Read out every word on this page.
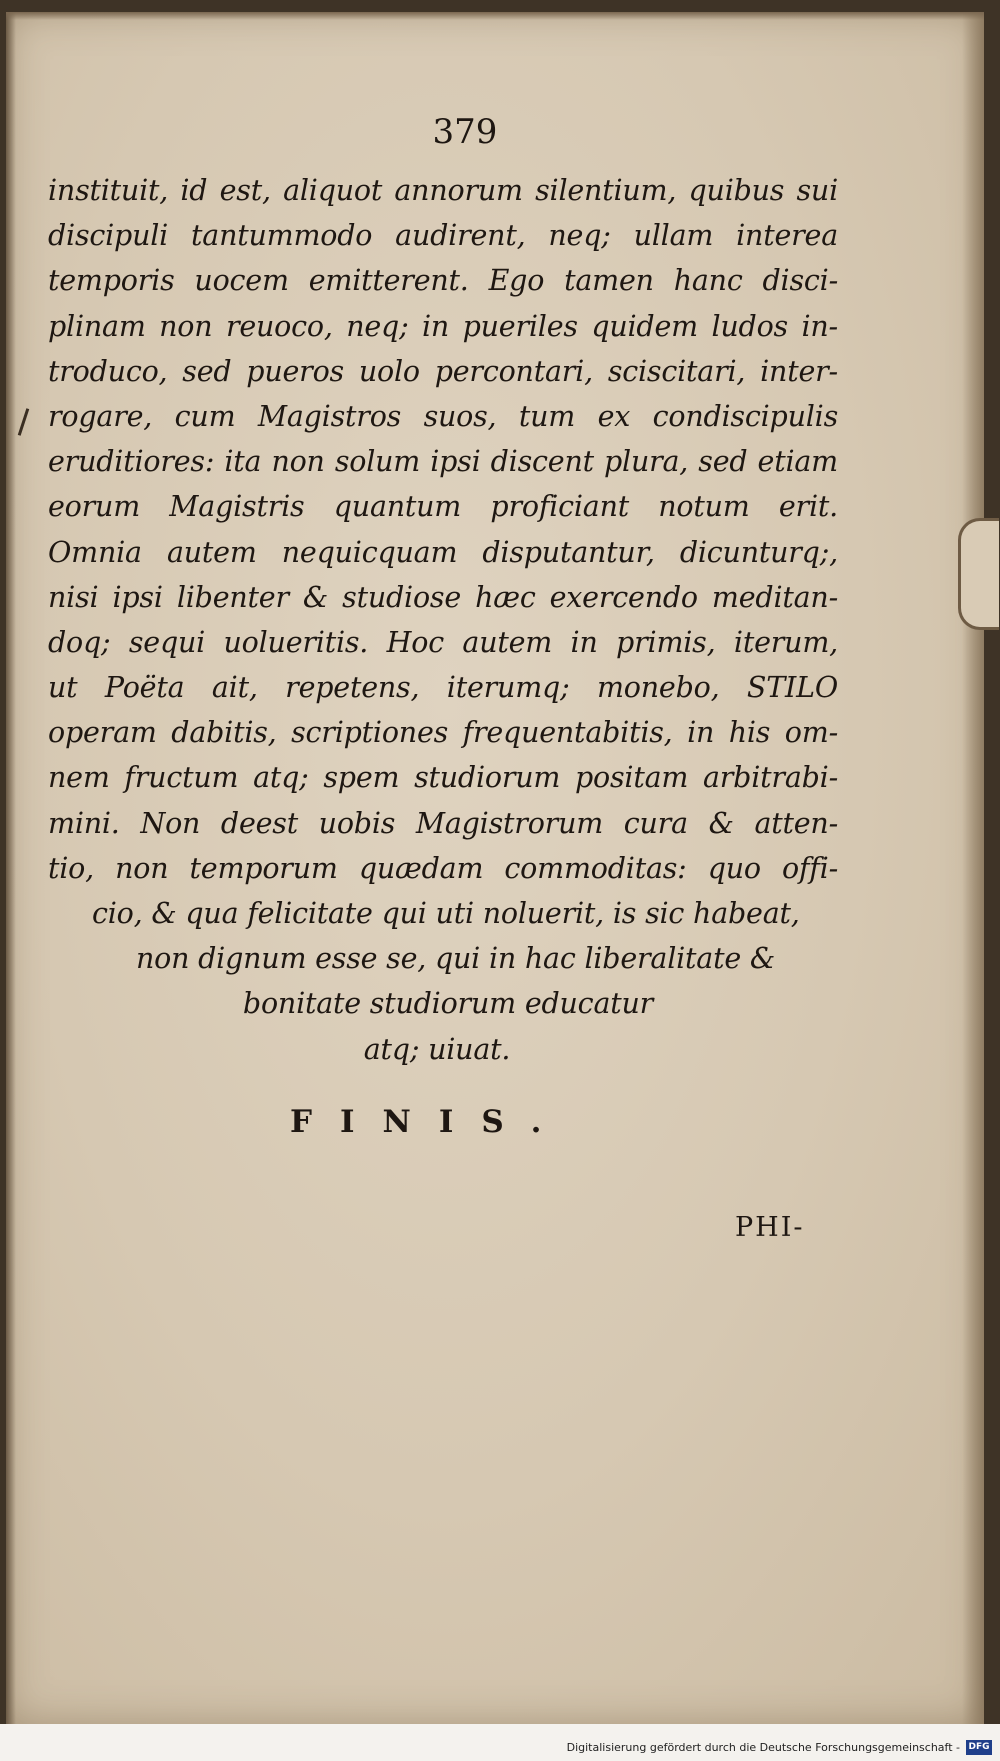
379
instituit, id est, aliquot annorum silentium, quibus sui
discipuli tantummodo audirent, neq; ullam interea
temporis uocem emitterent. Ego tamen hanc disci-
plinam non reuoco, neq; in pueriles quidem ludos in-
troduco, sed pueros uolo percontari, sciscitari, inter-
rogare, cum Magistros suos, tum ex condiscipulis
eruditiores: ita non solum ipsi discent plura, sed etiam
eorum Magistris quantum proficiant notum erit.
Omnia autem nequicquam disputantur, dicunturq;,
nisi ipsi libenter & studiose hæc exercendo meditan-
doq; sequi uolueritis. Hoc autem in primis, iterum,
ut Poëta ait, repetens, iterumq; monebo, STILO
operam dabitis, scriptiones frequentabitis, in his om-
nem fructum atq; spem studiorum positam arbitrabi-
mini. Non deest uobis Magistrorum cura & atten-
tio, non temporum quædam commoditas: quo offi-
cio, & qua felicitate qui uti noluerit, is sic habeat,
non dignum esse se, qui in hac liberalitate &
bonitate studiorum educatur
atq; uiuat.
FINIS.
PHI-
Digitalisierung gefördert durch die Deutsche Forschungsgemeinschaft - DFG
